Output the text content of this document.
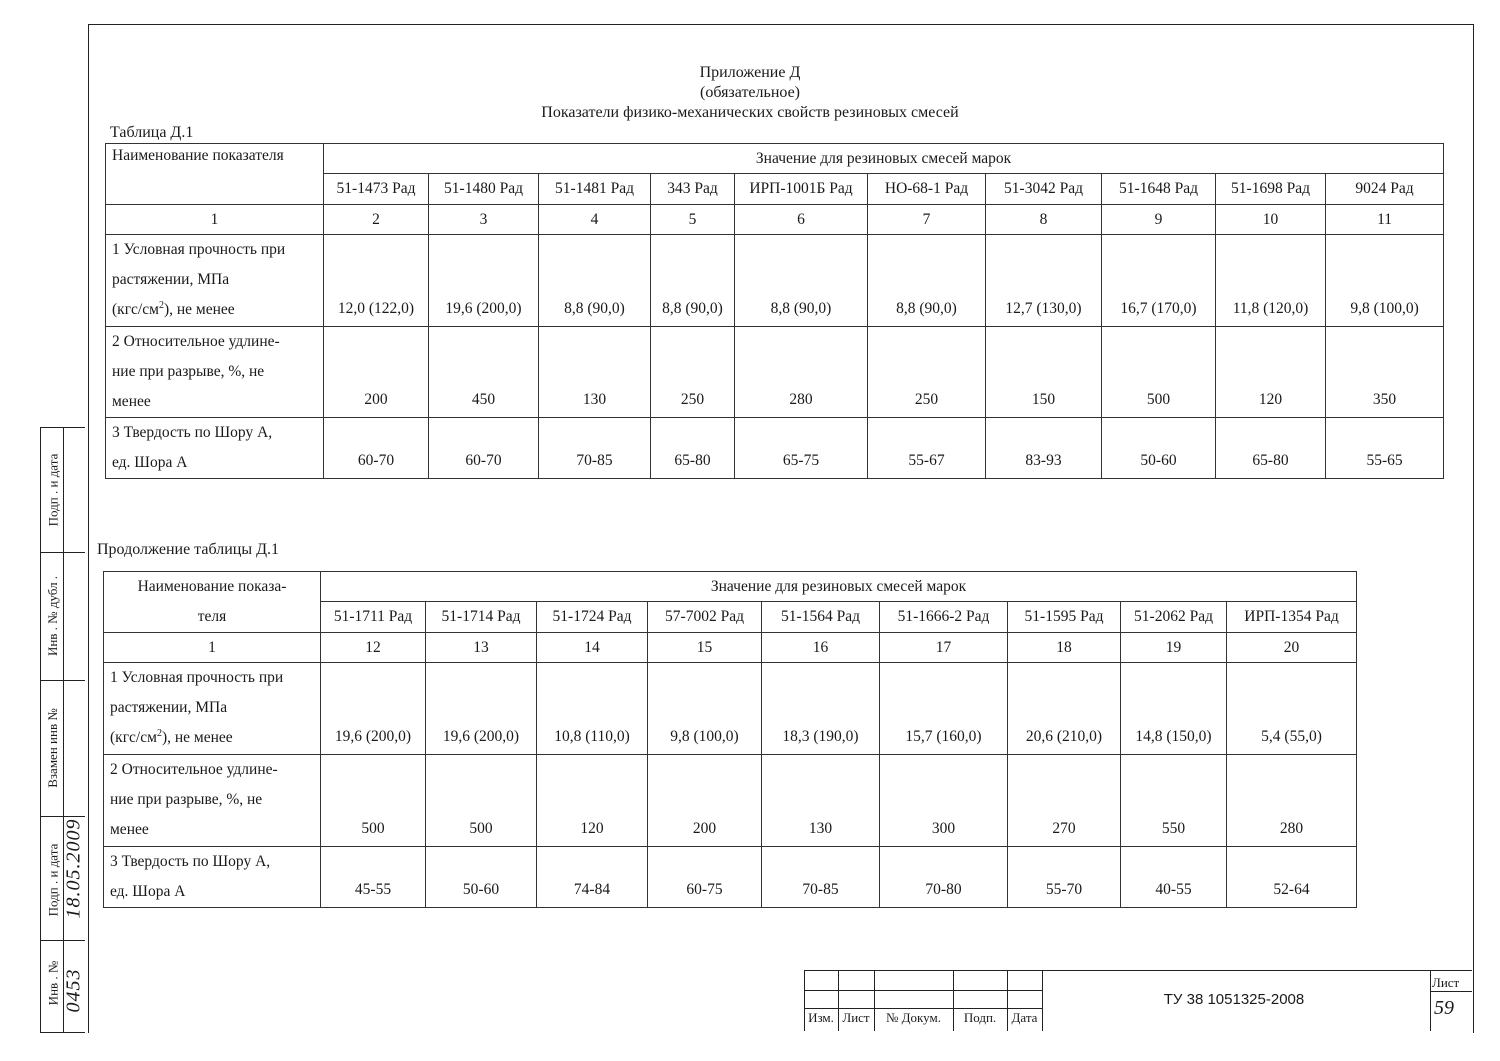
Приложение Д
(обязательное)
Показатели физико-механических свойств резиновых смесей
Таблица Д.1
Наименование показателя	Значение для резиновых смесей марок									
	51-1473 Рад	51-1480 Рад	51-1481 Рад	343 Рад	ИРП-1001Б Рад	НО-68-1 Рад	51-3042 Рад	51-1648 Рад	51-1698 Рад	9024 Рад
1	2	3	4	5	6	7	8	9	10	11
1 Условная прочность при
растяжении, МПа
$(кгс/см^2)$, не менее	12,0 (122,0)	19,6 (200,0)	8,8 (90,0)	8,8 (90,0)	8,8 (90,0)	8,8 (90,0)	12,7 (130,0)	16,7 (170,0)	11,8 (120,0)	9,8 (100,0)
2 Относительное удлине-
ние при разрыве, %, не
менее	200	450	130	250	280	250	150	500	120	350
3 Твердость по Шору А,
ед. Шора А	60-70	60-70	70-85	65-80	65-75	55-67	83-93	50-60	65-80	55-65
Продолжение таблицы Д.1
Наименование показа-
теля	Значение для резиновых смесей марок								
	51-1711 Рад	51-1714 Рад	51-1724 Рад	57-7002 Рад	51-1564 Рад	51-1666-2 Рад	51-1595 Рад	51-2062 Рад	ИРП-1354 Рад
1	12	13	14	15	16	17	18	19	20
1 Условная прочность при
растяжении, МПа
$(кгс/см^2)$, не менее	19,6 (200,0)	19,6 (200,0)	10,8 (110,0)	9,8 (100,0)	18,3 (190,0)	15,7 (160,0)	20,6 (210,0)	14,8 (150,0)	5,4 (55,0)
2 Относительное удлине-
ние при разрыве, %, не
менее	500	500	120	200	130	300	270	550	280
3 Твердость по Шору А,
ед. Шора А	45-55	50-60	74-84	60-75	70-85	70-80	55-70	40-55	52-64
Подп . и дата
Инв . № дубл .
Взамен инв №
Подп . и дата
Инв . №
18.05.2009
0453
Изм. Лист	№ Докум.	Подп.	Дата
ТУ 38 1051325-2008
Лист
59
